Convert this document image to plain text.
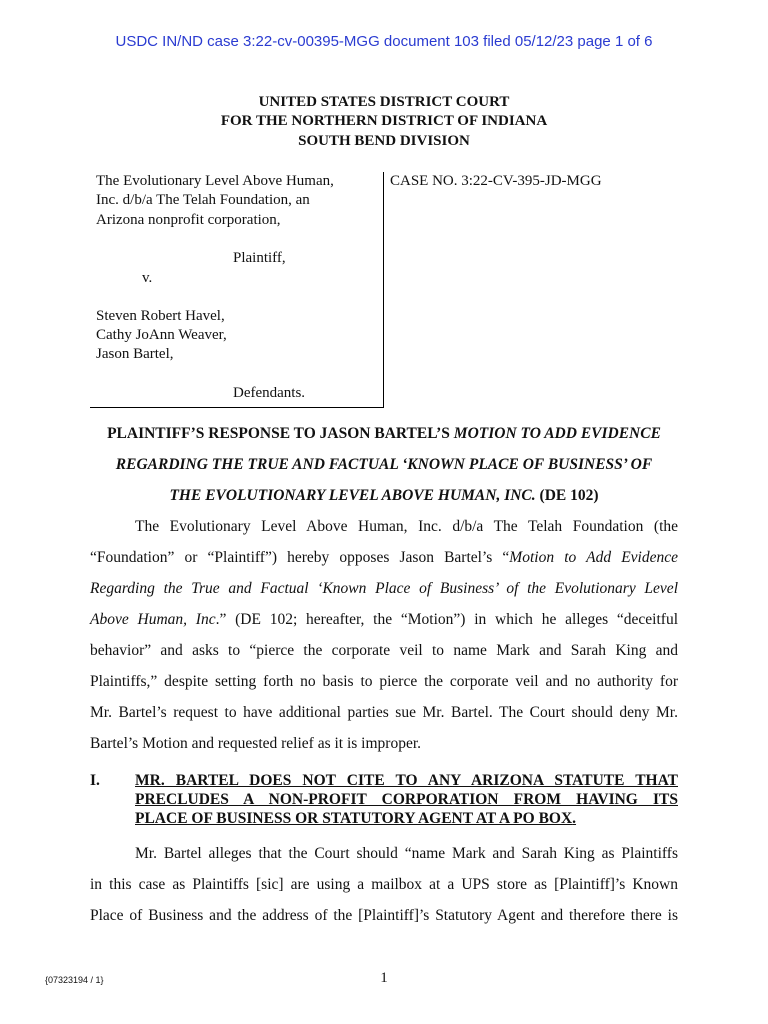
USDC IN/ND case 3:22-cv-00395-MGG document 103 filed 05/12/23 page 1 of 6
UNITED STATES DISTRICT COURT
FOR THE NORTHERN DISTRICT OF INDIANA
SOUTH BEND DIVISION
The Evolutionary Level Above Human,
Inc. d/b/a The Telah Foundation, an
Arizona nonprofit corporation,
Plaintiff,
v.
Steven Robert Havel,
Cathy JoAnn Weaver,
Jason Bartel,
Defendants.
CASE NO. 3:22-CV-395-JD-MGG
PLAINTIFF’S RESPONSE TO JASON BARTEL’S MOTION TO ADD EVIDENCE
REGARDING THE TRUE AND FACTUAL ‘KNOWN PLACE OF BUSINESS’ OF
THE EVOLUTIONARY LEVEL ABOVE HUMAN, INC. (DE 102)
The Evolutionary Level Above Human, Inc. d/b/a The Telah Foundation (the
“Foundation” or “Plaintiff”) hereby opposes Jason Bartel’s “Motion to Add Evidence
Regarding the True and Factual ‘Known Place of Business’ of the Evolutionary Level
Above Human, Inc.” (DE 102; hereafter, the “Motion”) in which he alleges “deceitful
behavior” and asks to “pierce the corporate veil to name Mark and Sarah King and
Plaintiffs,” despite setting forth no basis to pierce the corporate veil and no authority for
Mr. Bartel’s request to have additional parties sue Mr. Bartel. The Court should deny Mr.
Bartel’s Motion and requested relief as it is improper.
I. MR. BARTEL DOES NOT CITE TO ANY ARIZONA STATUTE THAT
PRECLUDES A NON-PROFIT CORPORATION FROM HAVING ITS
PLACE OF BUSINESS OR STATUTORY AGENT AT A PO BOX.
Mr. Bartel alleges that the Court should “name Mark and Sarah King as Plaintiffs
in this case as Plaintiffs [sic] are using a mailbox at a UPS store as [Plaintiff]’s Known
Place of Business and the address of the [Plaintiff]’s Statutory Agent and therefore there is
{07323194 / 1}	1
